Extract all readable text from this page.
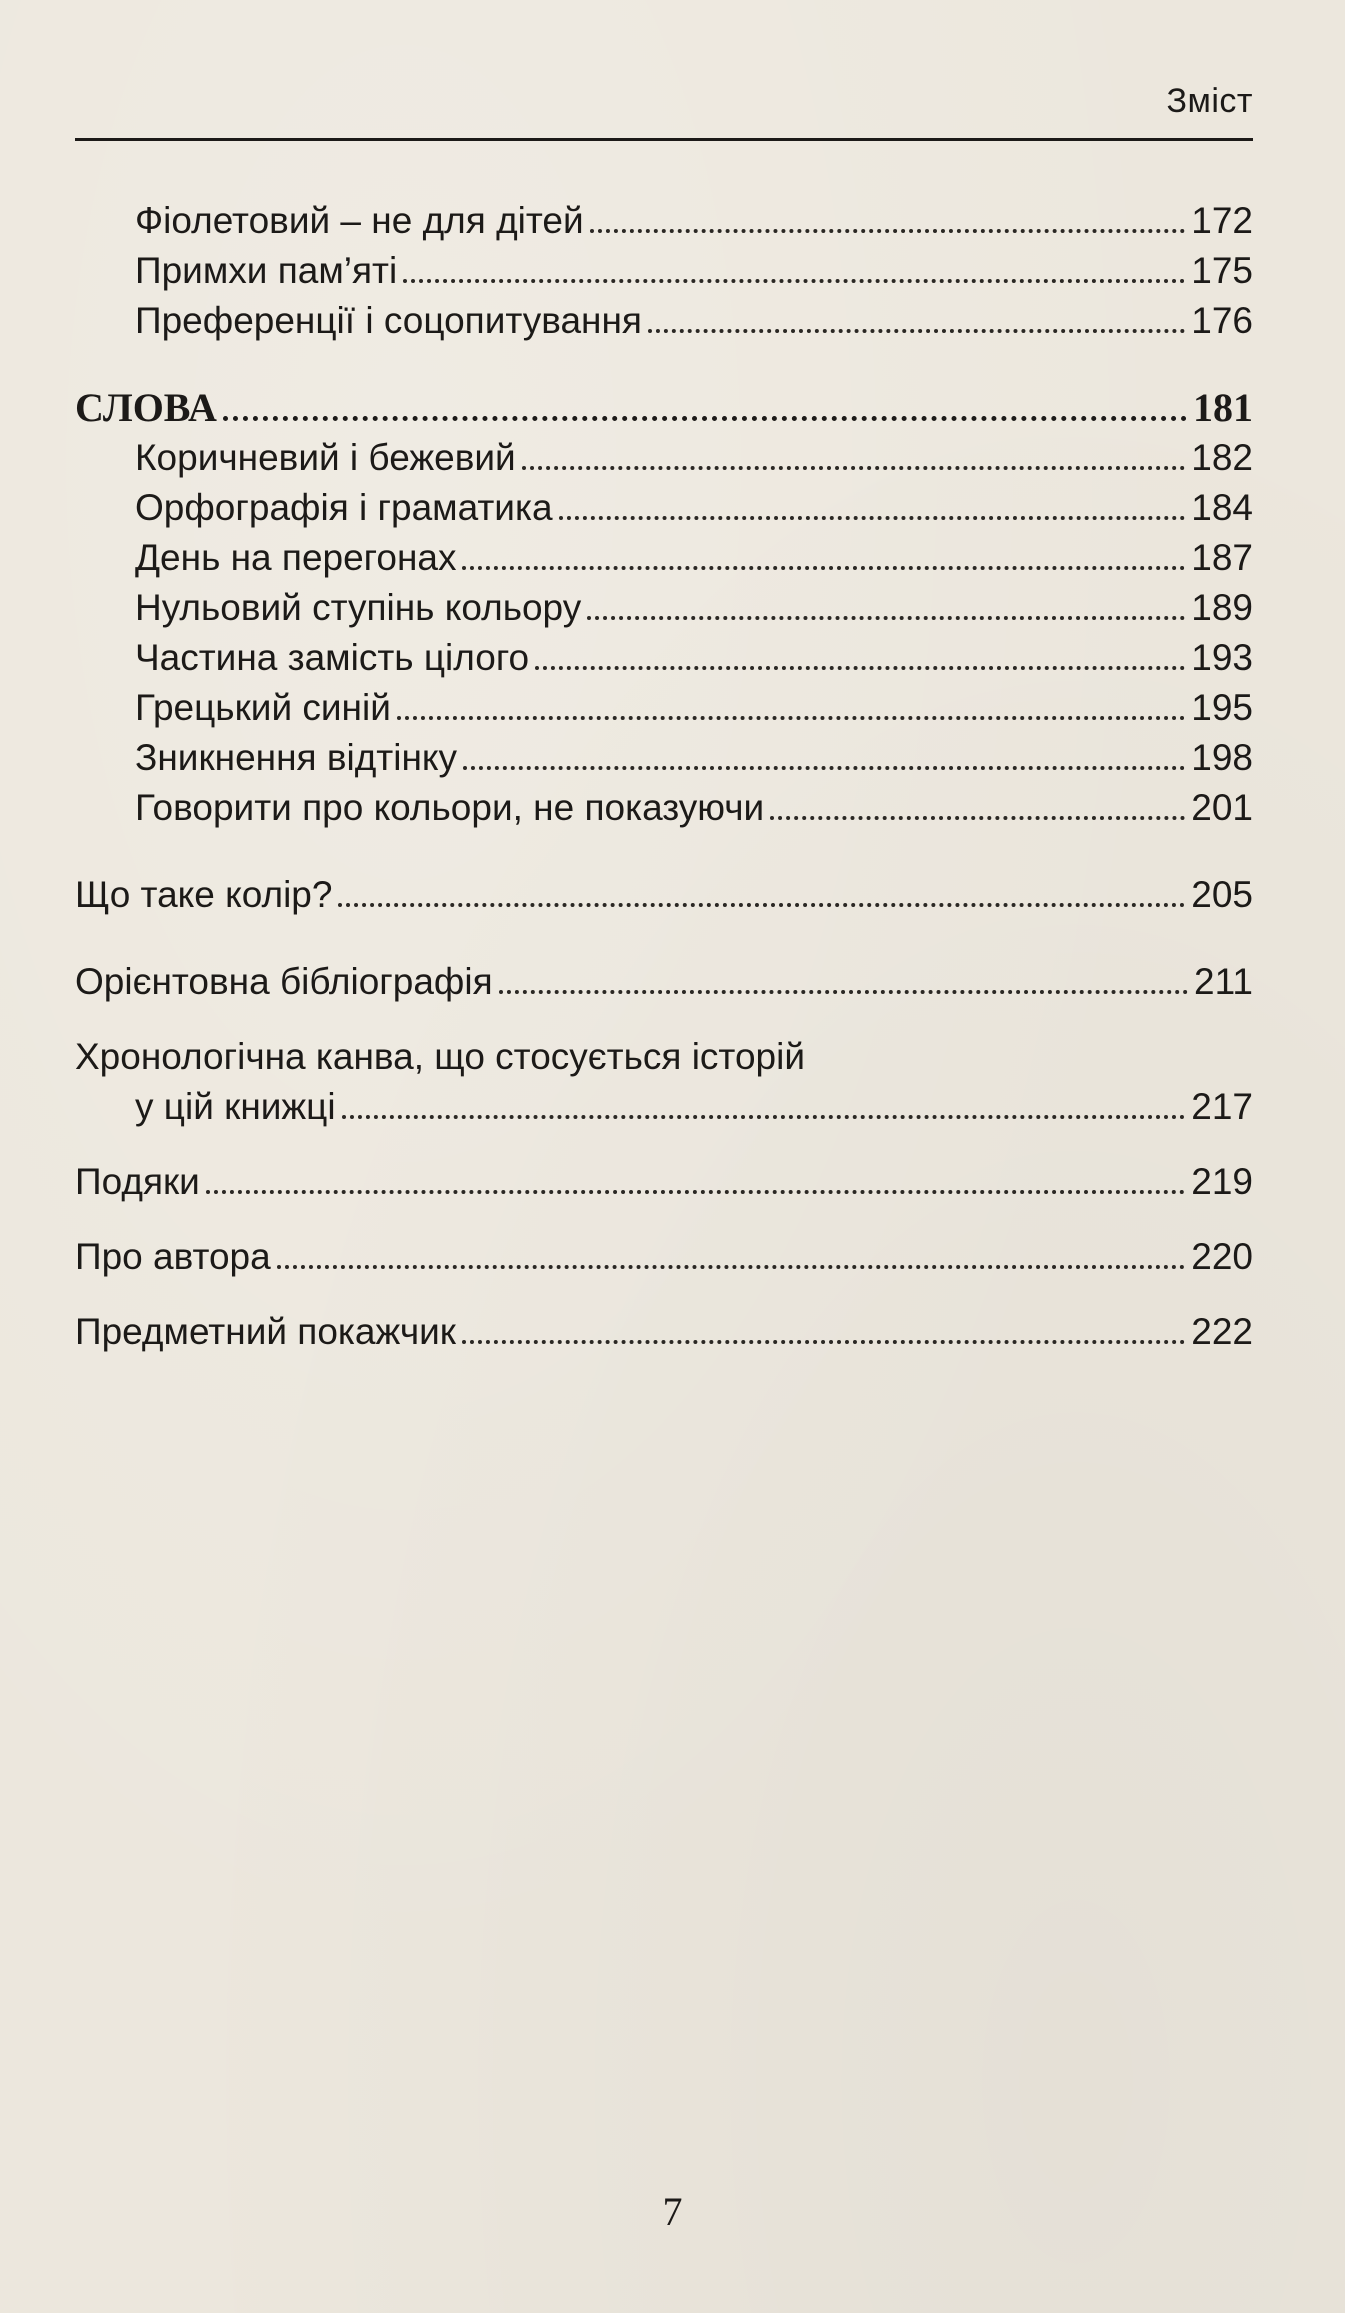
Зміст
Фіолетовий – не для дітей	172
Примхи пам’яті	175
Преференції і соцопитування	176
СЛОВА	181
Коричневий і бежевий	182
Орфографія і граматика	184
День на перегонах	187
Нульовий ступінь кольору	189
Частина замість цілого	193
Грецький синій	195
Зникнення відтінку	198
Говорити про кольори, не показуючи	201
Що таке колір?	205
Орієнтовна бібліографія	211
Хронологічна канва, що стосується історій
у цій книжці	217
Подяки	219
Про автора	220
Предметний покажчик	222
7
